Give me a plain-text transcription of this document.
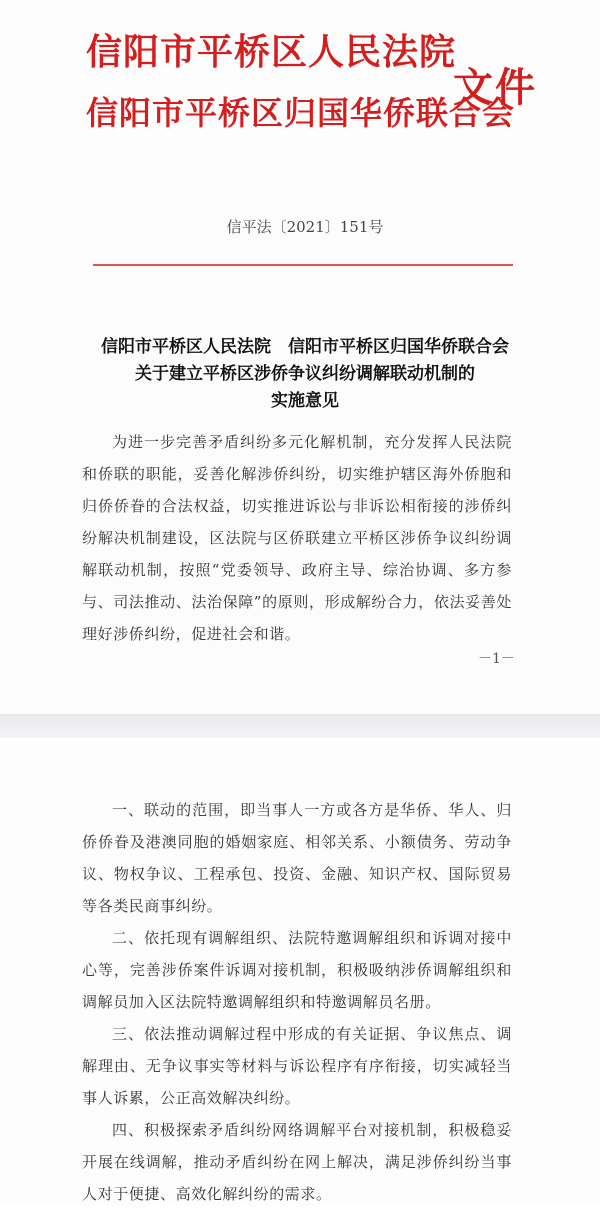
信阳市平桥区人民法院
信阳市平桥区归国华侨联合会
文件
信平法〔2021〕151号
信阳市平桥区人民法院　信阳市平桥区归国华侨联合会
关于建立平桥区涉侨争议纠纷调解联动机制的
实施意见
为进一步完善矛盾纠纷多元化解机制，充分发挥人民法院和侨联的职能，妥善化解涉侨纠纷，切实维护辖区海外侨胞和归侨侨眷的合法权益，切实推进诉讼与非诉讼相衔接的涉侨纠纷解决机制建设，区法院与区侨联建立平桥区涉侨争议纠纷调解联动机制，按照“党委领导、政府主导、综治协调、多方参与、司法推动、法治保障”的原则，形成解纷合力，依法妥善处理好涉侨纠纷，促进社会和谐。
－1－
一、联动的范围，即当事人一方或各方是华侨、华人、归侨侨眷及港澳同胞的婚姻家庭、相邻关系、小额债务、劳动争议、物权争议、工程承包、投资、金融、知识产权、国际贸易等各类民商事纠纷。
二、依托现有调解组织、法院特邀调解组织和诉调对接中心等，完善涉侨案件诉调对接机制，积极吸纳涉侨调解组织和调解员加入区法院特邀调解组织和特邀调解员名册。
三、依法推动调解过程中形成的有关证据、争议焦点、调解理由、无争议事实等材料与诉讼程序有序衔接，切实减轻当事人诉累，公正高效解决纠纷。
四、积极探索矛盾纠纷网络调解平台对接机制，积极稳妥开展在线调解，推动矛盾纠纷在网上解决，满足涉侨纠纷当事人对于便捷、高效化解纠纷的需求。
